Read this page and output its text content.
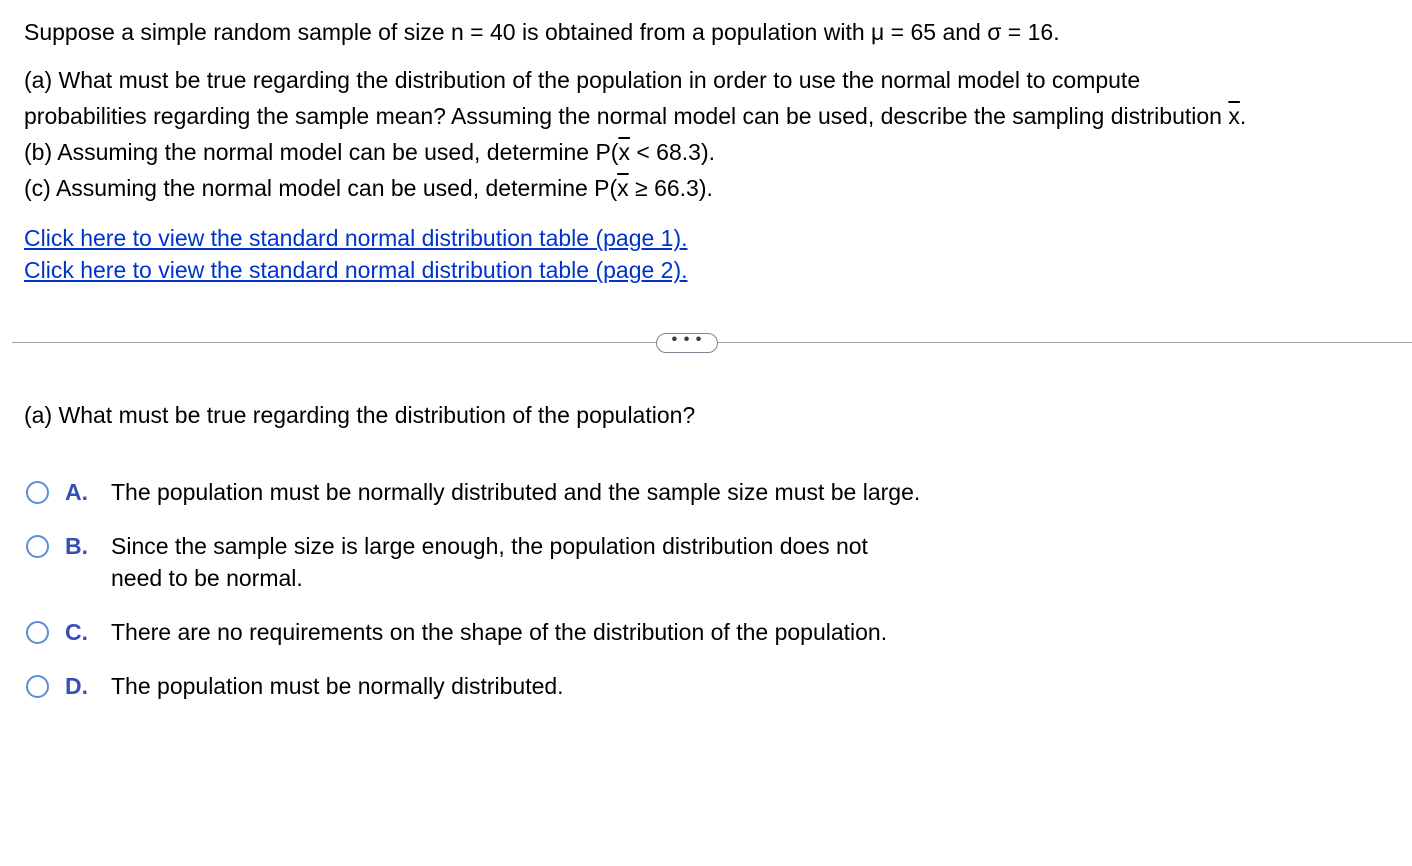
Suppose a simple random sample of size n = 40 is obtained from a population with μ = 65 and σ = 16.
(a) What must be true regarding the distribution of the population in order to use the normal model to compute
probabilities regarding the sample mean? Assuming the normal model can be used, describe the sampling distribution $\overline{x}$.
(b) Assuming the normal model can be used, determine $P(\overline{x} < 68.3)$.
(c) Assuming the normal model can be used, determine $P(\overline{x} \ge 66.3)$.
Click here to view the standard normal distribution table (page 1).
Click here to view the standard normal distribution table (page 2).
• • •
(a) What must be true regarding the distribution of the population?
A.	The population must be normally distributed and the sample size must be large.
B.	Since the sample size is large enough, the population distribution does not
need to be normal.
C.	There are no requirements on the shape of the distribution of the population.
D.	The population must be normally distributed.
